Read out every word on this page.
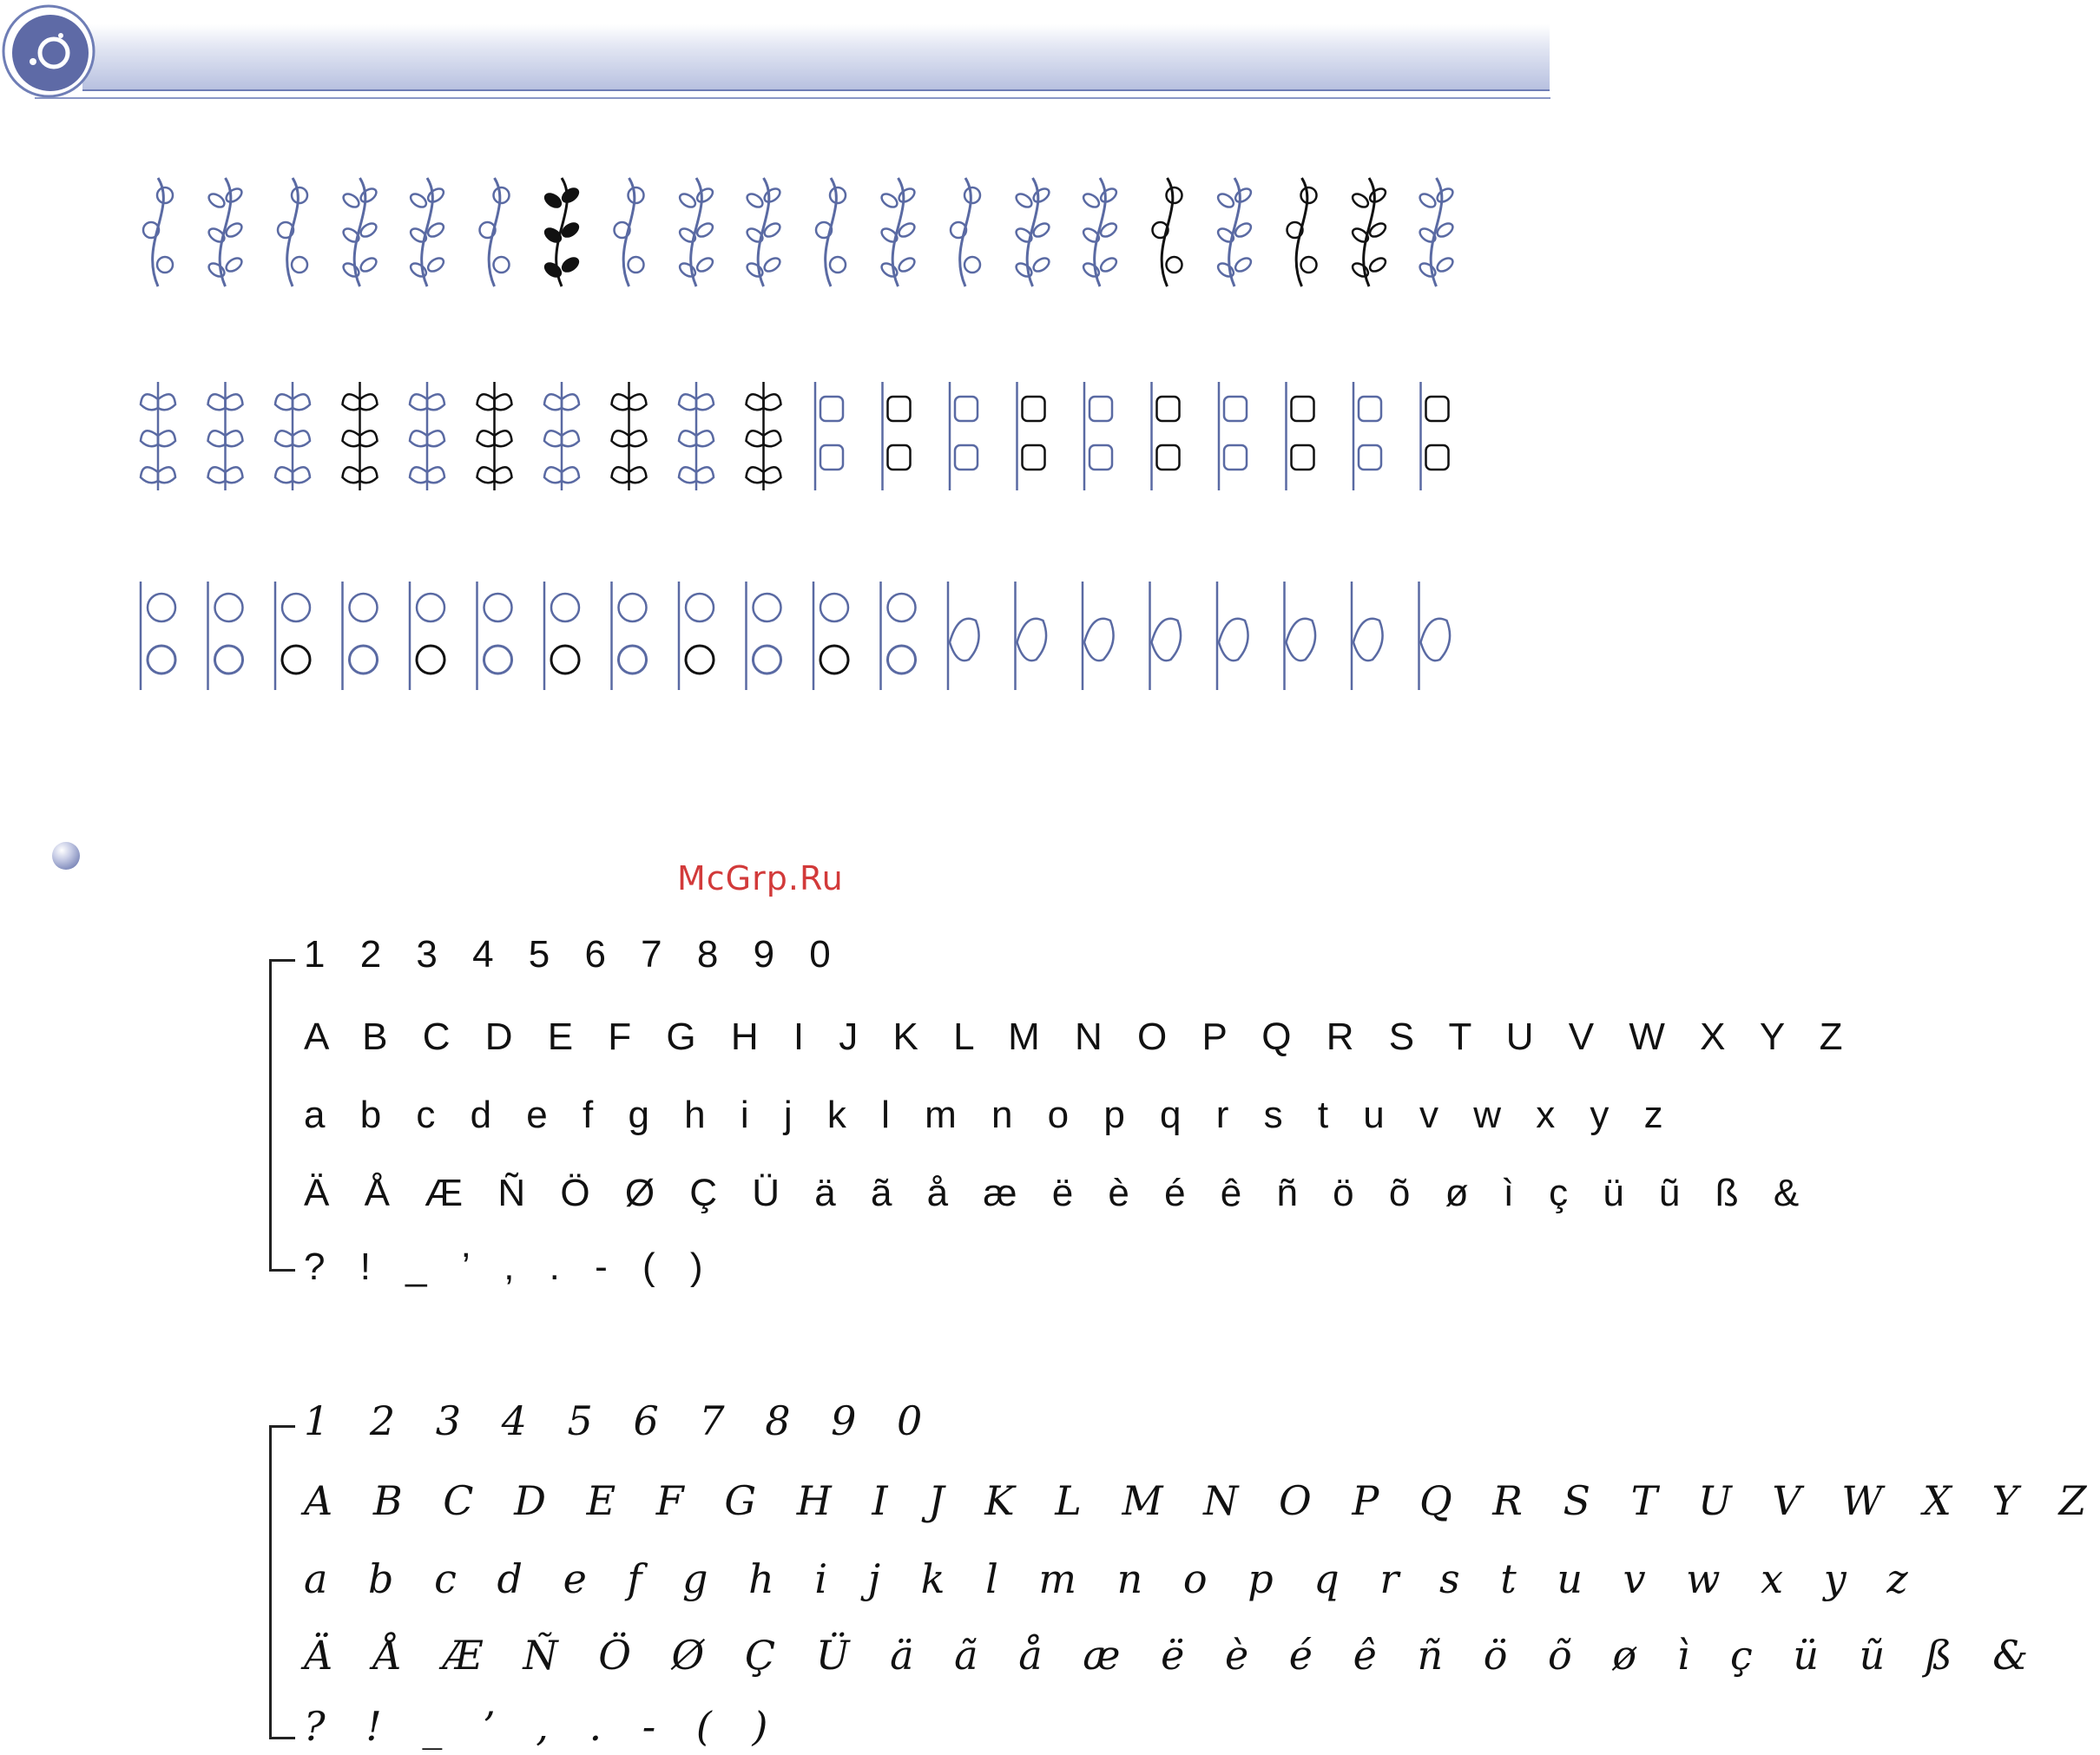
McGrp.Ru
1 2 3 4 5 6 7 8 9 0
A B C D E F G H I J K L M N O P Q R S T U V W X Y Z
a b c d e f g h i j k l m n o p q r s t u v w x y z
Ä Å Æ Ñ Ö Ø Ç Ü ä ã å æ ë è é ê ñ ö õ ø ì ç ü ũ ß &
? ! _ ’ , . - ( )
1 2 3 4 5 6 7 8 9 0
A B C D E F G H I J K L M N O P Q R S T U V W X Y Z
a b c d e f g h i j k l m n o p q r s t u v w x y z
Ä Å Æ Ñ Ö Ø Ç Ü ä ã å æ ë è é ê ñ ö õ ø ì ç ü ũ ß &
? ! _ ’ , . - ( )
